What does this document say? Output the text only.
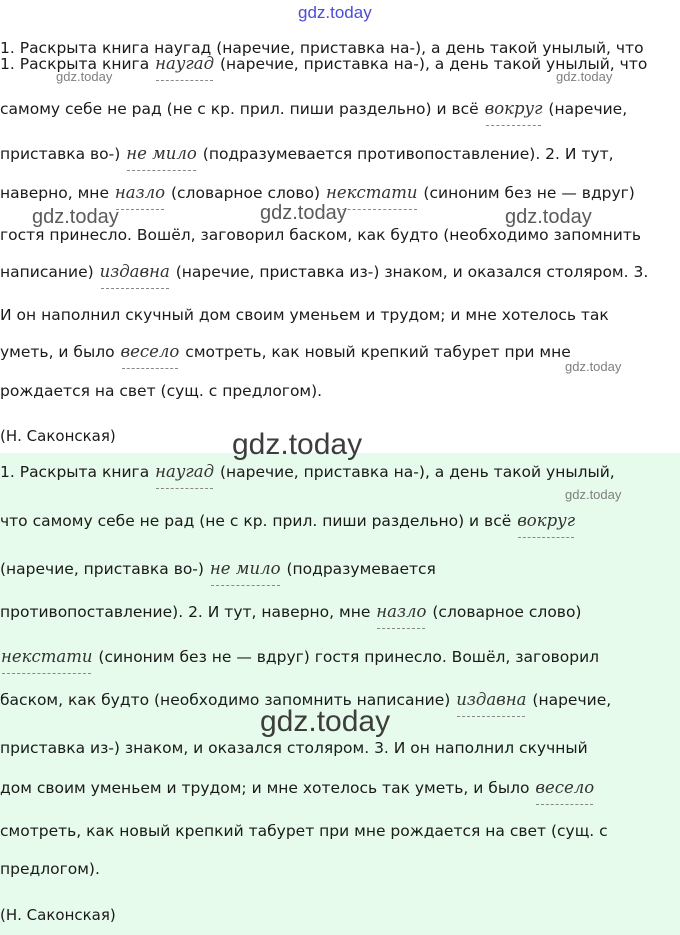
gdz.today
gdz.today	gdz.today
gdz.today	gdz.today	gdz.today
gdz.today
gdz.today
gdz.today
gdz.today
1. Раскрыта книга наугад (наречие, приставка на-), а день такой унылый, что
1. Раскрыта книга наугад (наречие, приставка на-), а день такой унылый, что
самому себе не рад (не с кр. прил. пиши раздельно) и всё вокруг (наречие,
приставка во-) не мило (подразумевается противопоставление). 2. И тут,
наверно, мне назло (словарное слово) некстати (синоним без не — вдруг)
гостя принесло. Вошёл, заговорил баском, как будто (необходимо запомнить
написание) издавна (наречие, приставка из-) знаком, и оказался столяром. 3.
И он наполнил скучный дом своим уменьем и трудом; и мне хотелось так
уметь, и было весело смотреть, как новый крепкий табурет при мне
рождается на свет (сущ. с предлогом).
(Н. Саконская)
1. Раскрыта книга наугад (наречие, приставка на-), а день такой унылый,
что самому себе не рад (не с кр. прил. пиши раздельно) и всё вокруг
(наречие, приставка во-) не мило (подразумевается
противопоставление). 2. И тут, наверно, мне назло (словарное слово)
некстати (синоним без не — вдруг) гостя принесло. Вошёл, заговорил
баском, как будто (необходимо запомнить написание) издавна (наречие,
приставка из-) знаком, и оказался столяром. 3. И он наполнил скучный
дом своим уменьем и трудом; и мне хотелось так уметь, и было весело
смотреть, как новый крепкий табурет при мне рождается на свет (сущ. с
предлогом).
(Н. Саконская)
